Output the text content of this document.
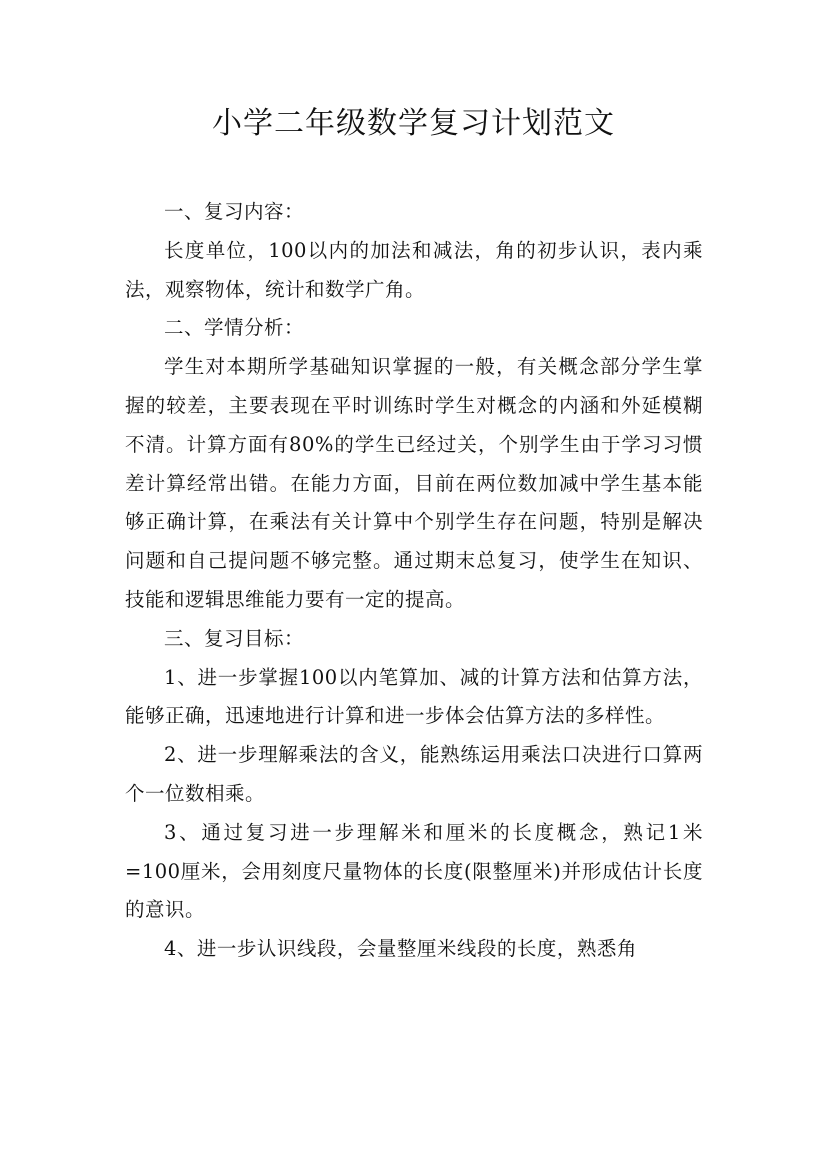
小学二年级数学复习计划范文

一、复习内容：

长度单位，100以内的加法和减法，角的初步认识，表内乘法，观察物体，统计和数学广角。

二、学情分析：

学生对本期所学基础知识掌握的一般，有关概念部分学生掌握的较差，主要表现在平时训练时学生对概念的内涵和外延模糊不清。计算方面有80%的学生已经过关，个别学生由于学习习惯差计算经常出错。在能力方面，目前在两位数加减中学生基本能够正确计算，在乘法有关计算中个别学生存在问题，特别是解决问题和自己提问题不够完整。通过期末总复习，使学生在知识、技能和逻辑思维能力要有一定的提高。

三、复习目标：

1、进一步掌握100以内笔算加、减的计算方法和估算方法，能够正确，迅速地进行计算和进一步体会估算方法的多样性。

2、进一步理解乘法的含义，能熟练运用乘法口决进行口算两个一位数相乘。

3、通过复习进一步理解米和厘米的长度概念，熟记1米=100厘米，会用刻度尺量物体的长度(限整厘米)并形成估计长度的意识。

4、进一步认识线段，会量整厘米线段的长度，熟悉角
